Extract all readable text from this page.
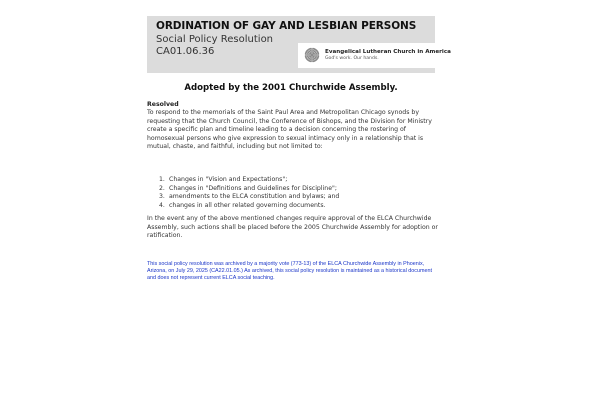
ORDINATION OF GAY AND LESBIAN PERSONS
Social Policy Resolution
CA01.06.36	Evangelical Lutheran Church in America
God's work. Our hands.
Adopted by the 2001 Churchwide Assembly.
Resolved
To respond to the memorials of the Saint Paul Area and Metropolitan Chicago synods by requesting that the Church Council, the Conference of Bishops, and the Division for Ministry create a specific plan and timeline leading to a decision concerning the rostering of homosexual persons who give expression to sexual intimacy only in a relationship that is mutual, chaste, and faithful, including but not limited to:
1. Changes in "Vision and Expectations";
2. Changes in "Definitions and Guidelines for Discipline";
3. amendments to the ELCA constitution and bylaws; and
4. changes in all other related governing documents.
In the event any of the above mentioned changes require approval of the ELCA Churchwide Assembly, such actions shall be placed before the 2005 Churchwide Assembly for adoption or ratification.
This social policy resolution was archived by a majority vote (773-13) of the ELCA Churchwide Assembly in Phoenix, Arizona, on July 29, 2025 (CA22.01.05.) As archived, this social policy resolution is maintained as a historical document and does not represent current ELCA social teaching.
